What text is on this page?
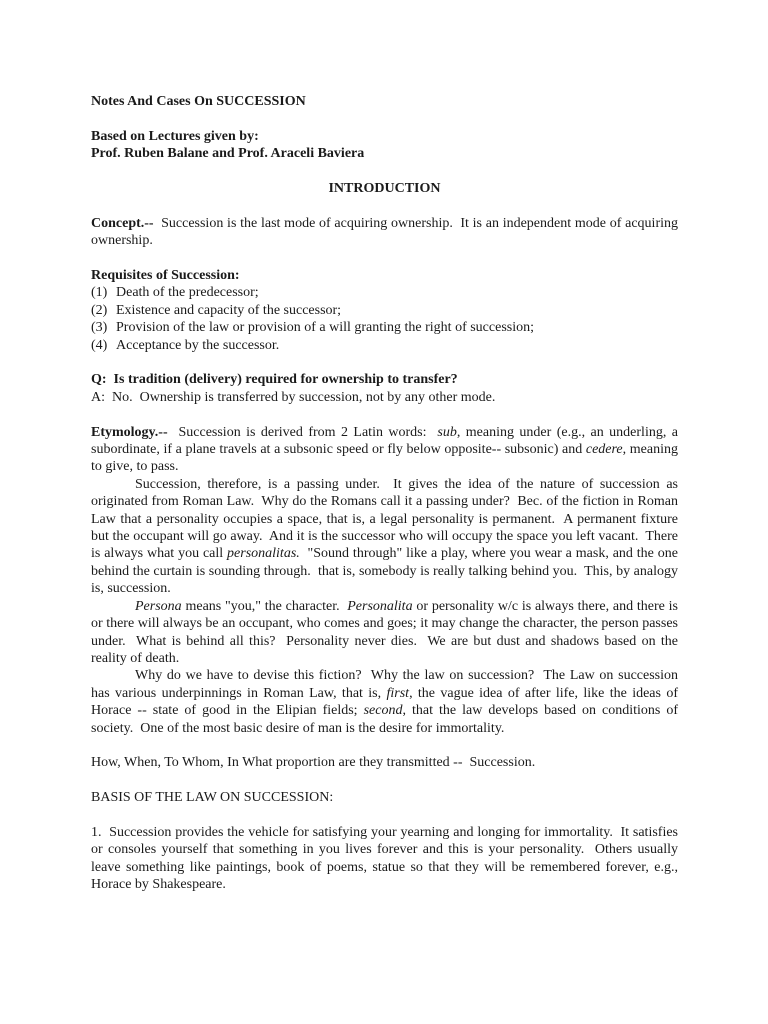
Notes And Cases On SUCCESSION

Based on Lectures given by:

Prof. Ruben Balane and Prof. Araceli Baviera

INTRODUCTION

Concept.--  Succession is the last mode of acquiring ownership.  It is an independent mode of acquiring ownership.

Requisites of Succession:

(1) Death of the predecessor;
(2) Existence and capacity of the successor;
(3) Provision of the law or provision of a will granting the right of succession;
(4) Acceptance by the successor.

Q:  Is tradition (delivery) required for ownership to transfer?

A:  No.  Ownership is transferred by succession, not by any other mode.

Etymology.--  Succession is derived from 2 Latin words:  sub, meaning under (e.g., an underling, a subordinate, if a plane travels at a subsonic speed or fly below opposite-- subsonic) and cedere, meaning to give, to pass.

Succession, therefore, is a passing under.  It gives the idea of the nature of succession as originated from Roman Law.  Why do the Romans call it a passing under?  Bec. of the fiction in Roman Law that a personality occupies a space, that is, a legal personality is permanent.  A permanent fixture but the occupant will go away.  And it is the successor who will occupy the space you left vacant.  There is always what you call personalitas.  "Sound through" like a play, where you wear a mask, and the one behind the curtain is sounding through.  that is, somebody is really talking behind you.  This, by analogy is, succession.

Persona means "you," the character.  Personalita or personality w/c is always there, and there is or there will always be an occupant, who comes and goes; it may change the character, the person passes under.  What is behind all this?  Personality never dies.  We are but dust and shadows based on the reality of death.

Why do we have to devise this fiction?  Why the law on succession?  The Law on succession has various underpinnings in Roman Law, that is, first, the vague idea of after life, like the ideas of Horace -- state of good in the Elipian fields; second, that the law develops based on conditions of society.  One of the most basic desire of man is the desire for immortality.

How, When, To Whom, In What proportion are they transmitted --  Succession.

BASIS OF THE LAW ON SUCCESSION:

1.  Succession provides the vehicle for satisfying your yearning and longing for immortality.  It satisfies or consoles yourself that something in you lives forever and this is your personality.  Others usually leave something like paintings, book of poems, statue so that they will be remembered forever, e.g., Horace by Shakespeare.
